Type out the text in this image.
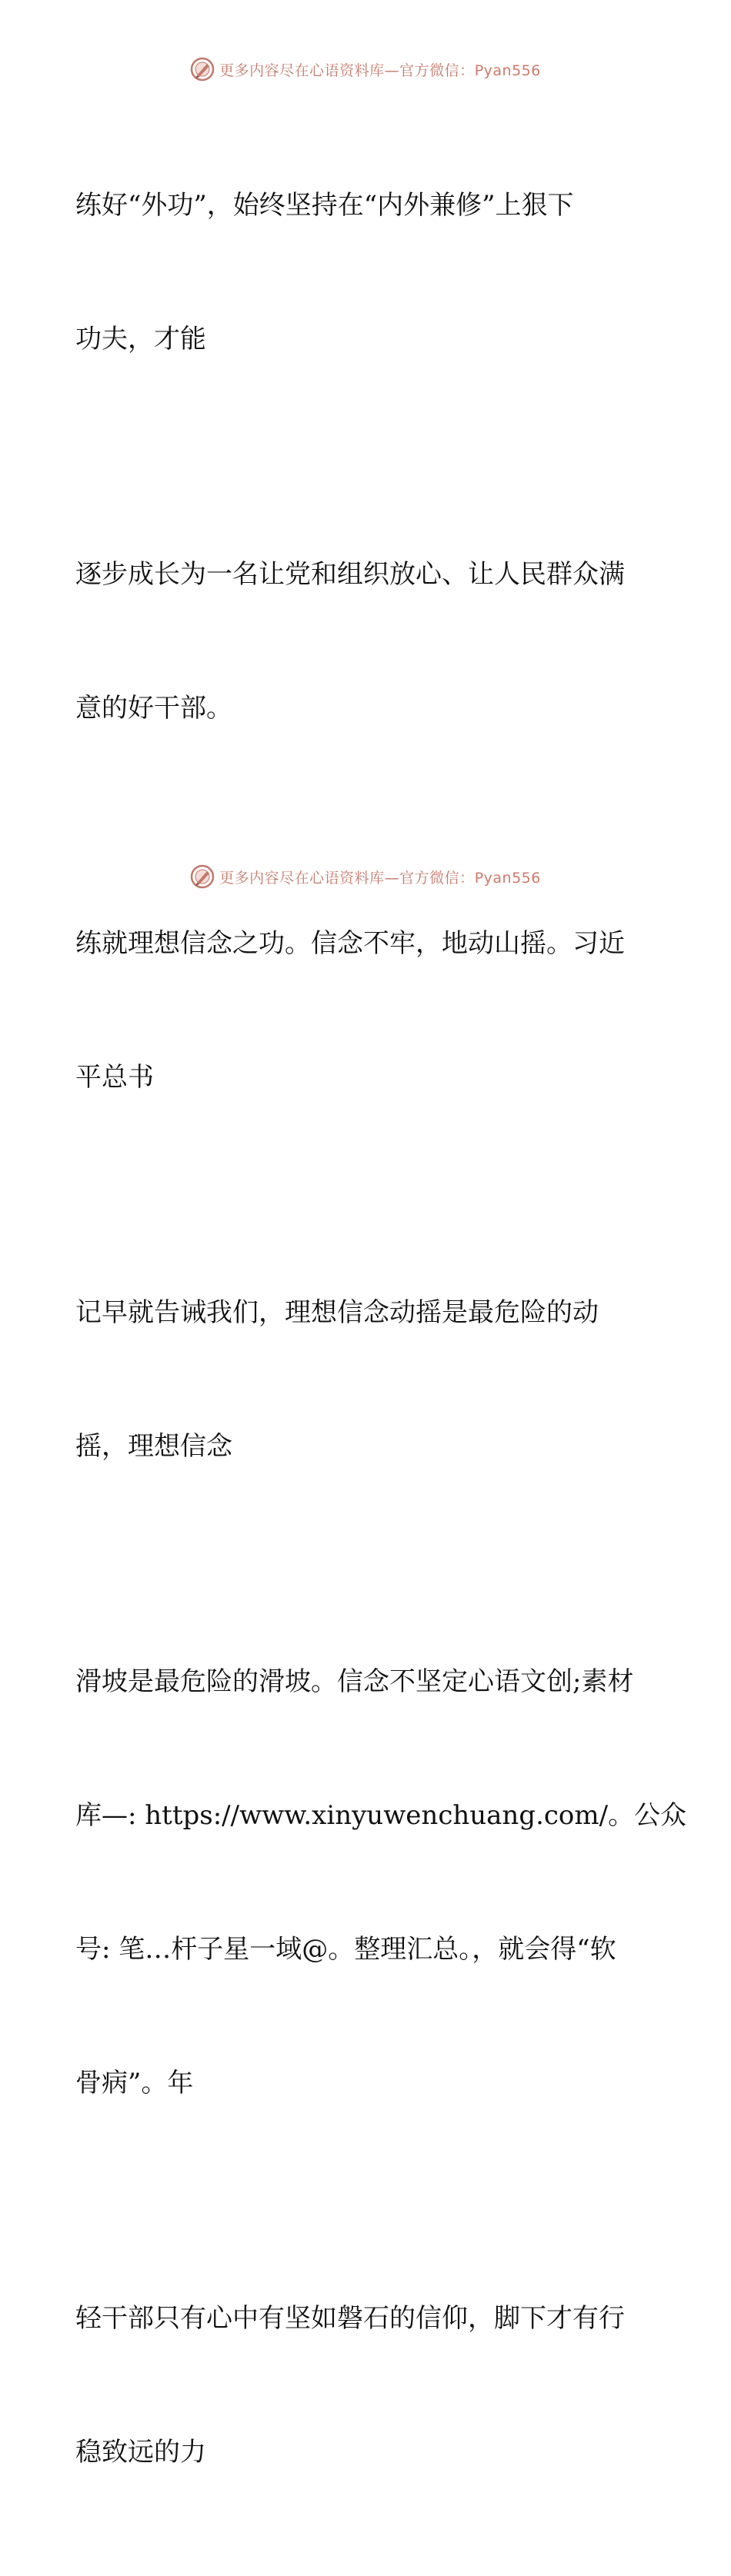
更多内容尽在心语资料库—官方微信：Pyan556

练好“外功”，始终坚持在“内外兼修”上狠下

功夫，才能

逐步成长为一名让党和组织放心、让人民群众满

意的好干部。

练就理想信念之功。信念不牢，地动山摇。习近

平总书

记早就告诫我们，理想信念动摇是最危险的动

摇，理想信念

滑坡是最危险的滑坡。信念不坚定心语文创;素材

库—: https://www.xinyuwenchuang.com/。公众

号: 笔…杆子星一域@。整理汇总。，就会得“软

骨病”。年

轻干部只有心中有坚如磐石的信仰，脚下才有行

稳致远的力

更多内容尽在心语资料库—官方微信：Pyan556
